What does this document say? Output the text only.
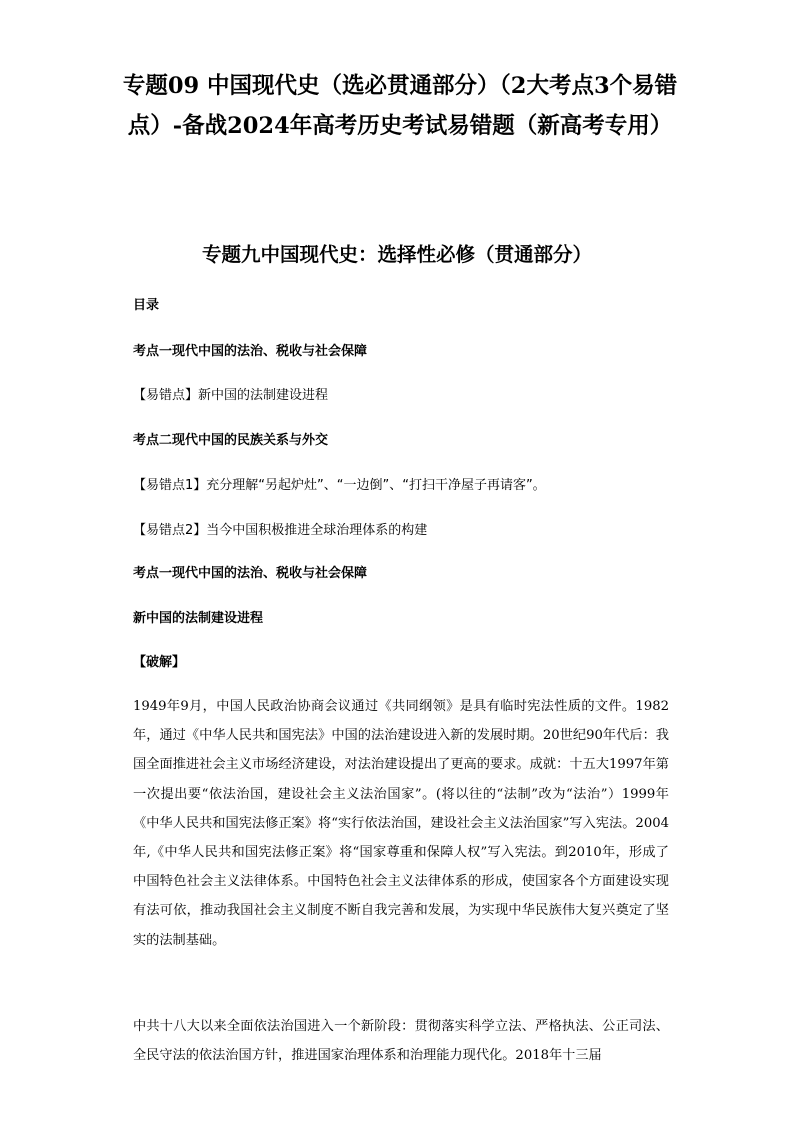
专题09 中国现代史（选必贯通部分）（2大考点3个易错点）-备战2024年高考历史考试易错题（新高考专用）
专题九中国现代史：选择性必修（贯通部分）

目录

考点一现代中国的法治、税收与社会保障

【易错点】新中国的法制建设进程

考点二现代中国的民族关系与外交

【易错点1】充分理解“另起炉灶”、“一边倒”、“打扫干净屋子再请客”。

【易错点2】当今中国积极推进全球治理体系的构建

考点一现代中国的法治、税收与社会保障

新中国的法制建设进程

【破解】

1949年9月，中国人民政治协商会议通过《共同纲领》是具有临时宪法性质的文件。1982年，通过《中华人民共和国宪法》中国的法治建设进入新的发展时期。20世纪90年代后：我国全面推进社会主义市场经济建设，对法治建设提出了更高的要求。成就：十五大1997年第一次提出要“依法治国，建设社会主义法治国家”。(将以往的“法制”改为“法治”）1999年《中华人民共和国宪法修正案》将“实行依法治国，建设社会主义法治国家”写入宪法。2004年,《中华人民共和国宪法修正案》将“国家尊重和保障人权”写入宪法。到2010年，形成了中国特色社会主义法律体系。中国特色社会主义法律体系的形成，使国家各个方面建设实现有法可依，推动我国社会主义制度不断自我完善和发展，为实现中华民族伟大复兴奠定了坚实的法制基础。

中共十八大以来全面依法治国进入一个新阶段：贯彻落实科学立法、严格执法、公正司法、全民守法的依法治国方针，推进国家治理体系和治理能力现代化。2018年十三届
